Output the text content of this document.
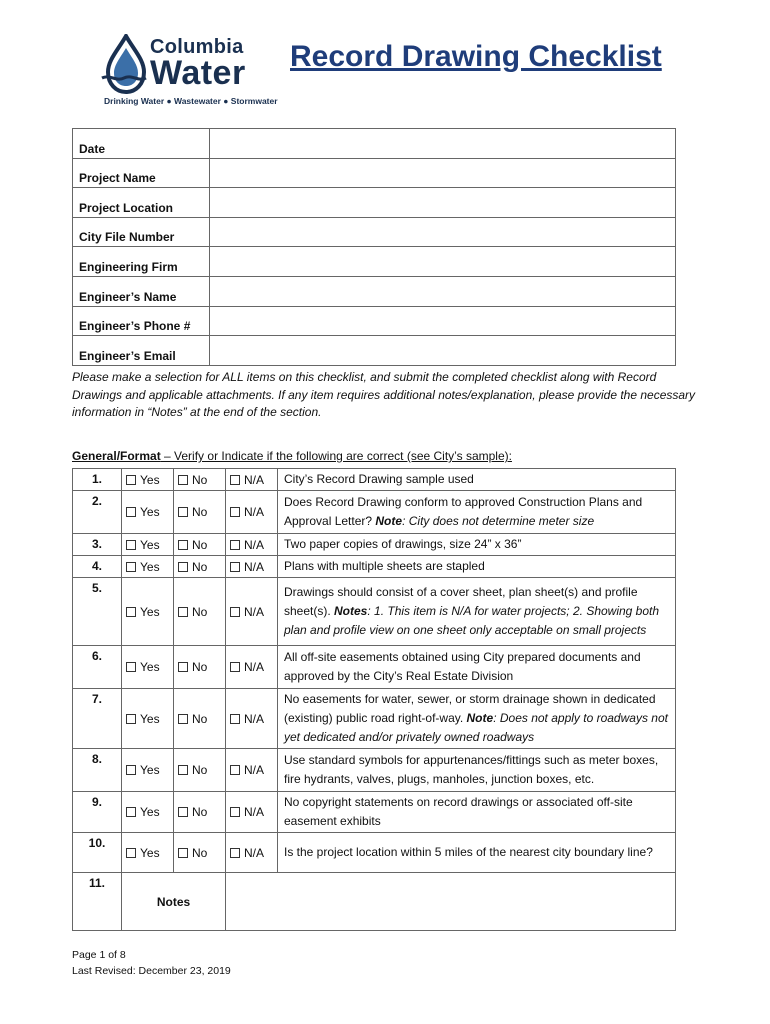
Columbia
Water
Drinking Water ● Wastewater ● Stormwater
Record Drawing Checklist
Date	
Project Name	
Project Location	
City File Number	
Engineering Firm	
Engineer’s Name	
Engineer’s Phone #	
Engineer’s Email	
Please make a selection for ALL items on this checklist, and submit the completed checklist along with Record Drawings and applicable attachments. If any item requires additional notes/explanation, please provide the necessary information in “Notes” at the end of the section.
General/Format – Verify or Indicate if the following are correct (see City’s sample):
1.	Yes	No	N/A	City’s Record Drawing sample used
2.	Yes	No	N/A	Does Record Drawing conform to approved Construction Plans and Approval Letter? Note: City does not determine meter size
3.	Yes	No	N/A	Two paper copies of drawings, size 24” x 36”
4.	Yes	No	N/A	Plans with multiple sheets are stapled
5.	Yes	No	N/A	Drawings should consist of a cover sheet, plan sheet(s) and profile sheet(s). Notes: 1. This item is N/A for water projects; 2. Showing both plan and profile view on one sheet only acceptable on small projects
6.	Yes	No	N/A	All off-site easements obtained using City prepared documents and approved by the City’s Real Estate Division
7.	Yes	No	N/A	No easements for water, sewer, or storm drainage shown in dedicated (existing) public road right-of-way. Note: Does not apply to roadways not yet dedicated and/or privately owned roadways
8.	Yes	No	N/A	Use standard symbols for appurtenances/fittings such as meter boxes, fire hydrants, valves, plugs, manholes, junction boxes, etc.
9.	Yes	No	N/A	No copyright statements on record drawings or associated off-site easement exhibits
10.	Yes	No	N/A	Is the project location within 5 miles of the nearest city boundary line?
11.	Notes			
Page 1 of 8
Last Revised: December 23, 2019
